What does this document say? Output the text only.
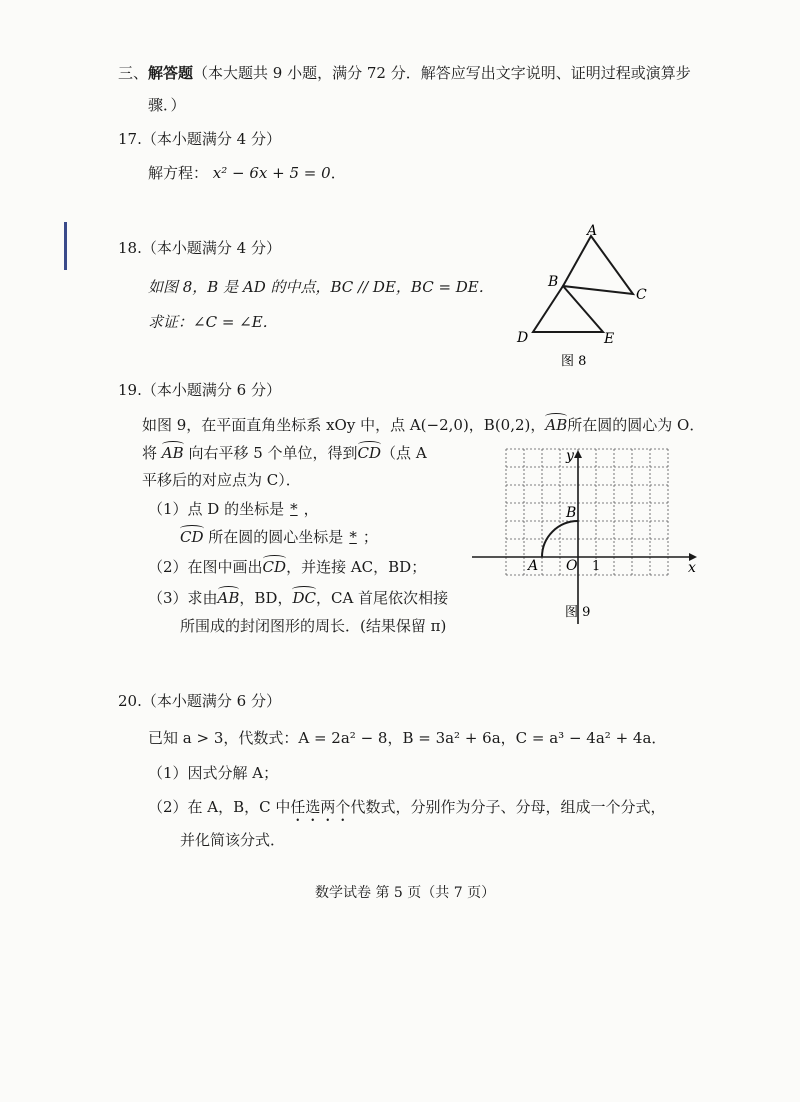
三、解答题（本大题共 9 小题，满分 72 分．解答应写出文字说明、证明过程或演算步
骤．）
17.（本小题满分 4 分）
解方程： x² − 6x + 5 = 0．
18.（本小题满分 4 分）
如图 8，B 是 AD 的中点，BC // DE，BC = DE．
求证：∠C = ∠E．
A
B
C
D	E
图 8
19.（本小题满分 6 分）
如图 9，在平面直角坐标系 xOy 中，点 A(−2,0)，B(0,2)，AB所在圆的圆心为 O．
将 AB 向右平移 5 个单位，得到CD（点 A
平移后的对应点为 C）．
（1）点 D 的坐标是 * ，
CD 所在圆的圆心坐标是 * ；
（2）在图中画出CD，并连接 AC，BD；
（3）求由AB，BD，DC，CA 首尾依次相接
所围成的封闭图形的周长．(结果保留 π)
y
x
B
A O 1
图 9
20.（本小题满分 6 分）
已知 a > 3，代数式：A = 2a² − 8，B = 3a² + 6a，C = a³ − 4a² + 4a．
（1）因式分解 A；
（2）在 A，B，C 中任选两个代数式，分别作为分子、分母，组成一个分式，
并化简该分式．
数学试卷 第 5 页（共 7 页）
